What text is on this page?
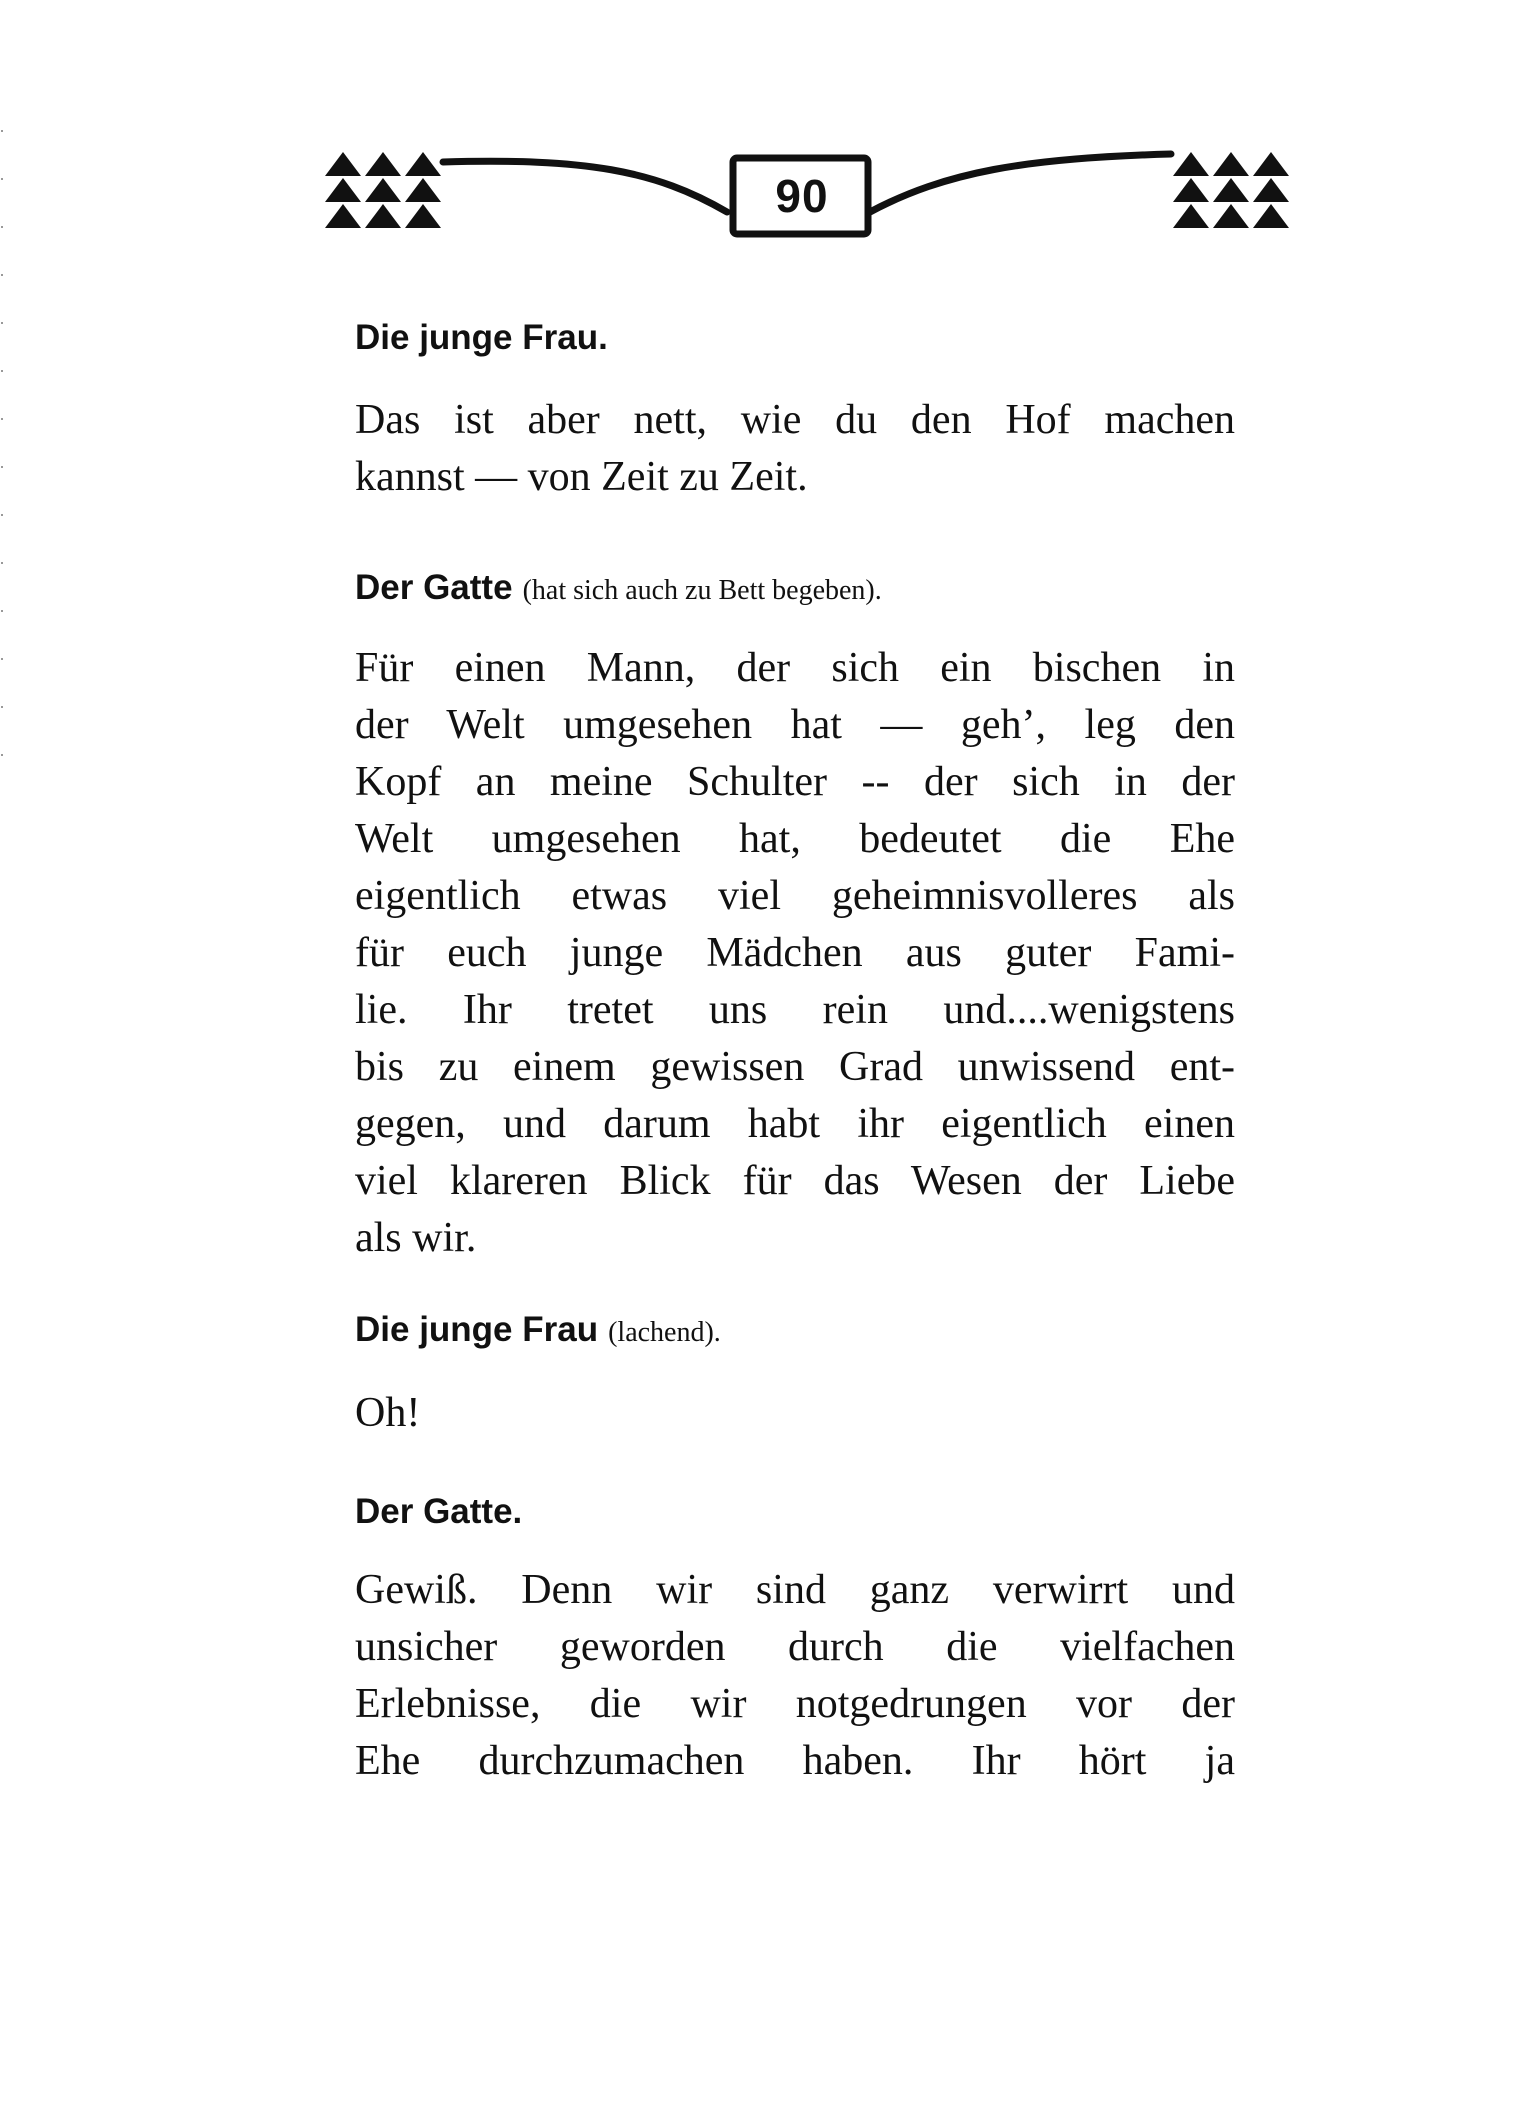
90

Die junge Frau.

Das ist aber nett, wie du den Hof machen
kannst — von Zeit zu Zeit.

Der Gatte (hat sich auch zu Bett begeben).

Für einen Mann, der sich ein bischen in
der Welt umgesehen hat — geh’, leg den
Kopf an meine Schulter -- der sich in der
Welt umgesehen hat, bedeutet die Ehe
eigentlich etwas viel geheimnisvolleres als
für euch junge Mädchen aus guter Fami-
lie. Ihr tretet uns rein und....wenigstens
bis zu einem gewissen Grad unwissend ent-
gegen, und darum habt ihr eigentlich einen
viel klareren Blick für das Wesen der Liebe
als wir.

Die junge Frau (lachend).

Oh!

Der Gatte.

Gewiß. Denn wir sind ganz verwirrt und
unsicher geworden durch die vielfachen
Erlebnisse, die wir notgedrungen vor der
Ehe durchzumachen haben. Ihr hört ja
